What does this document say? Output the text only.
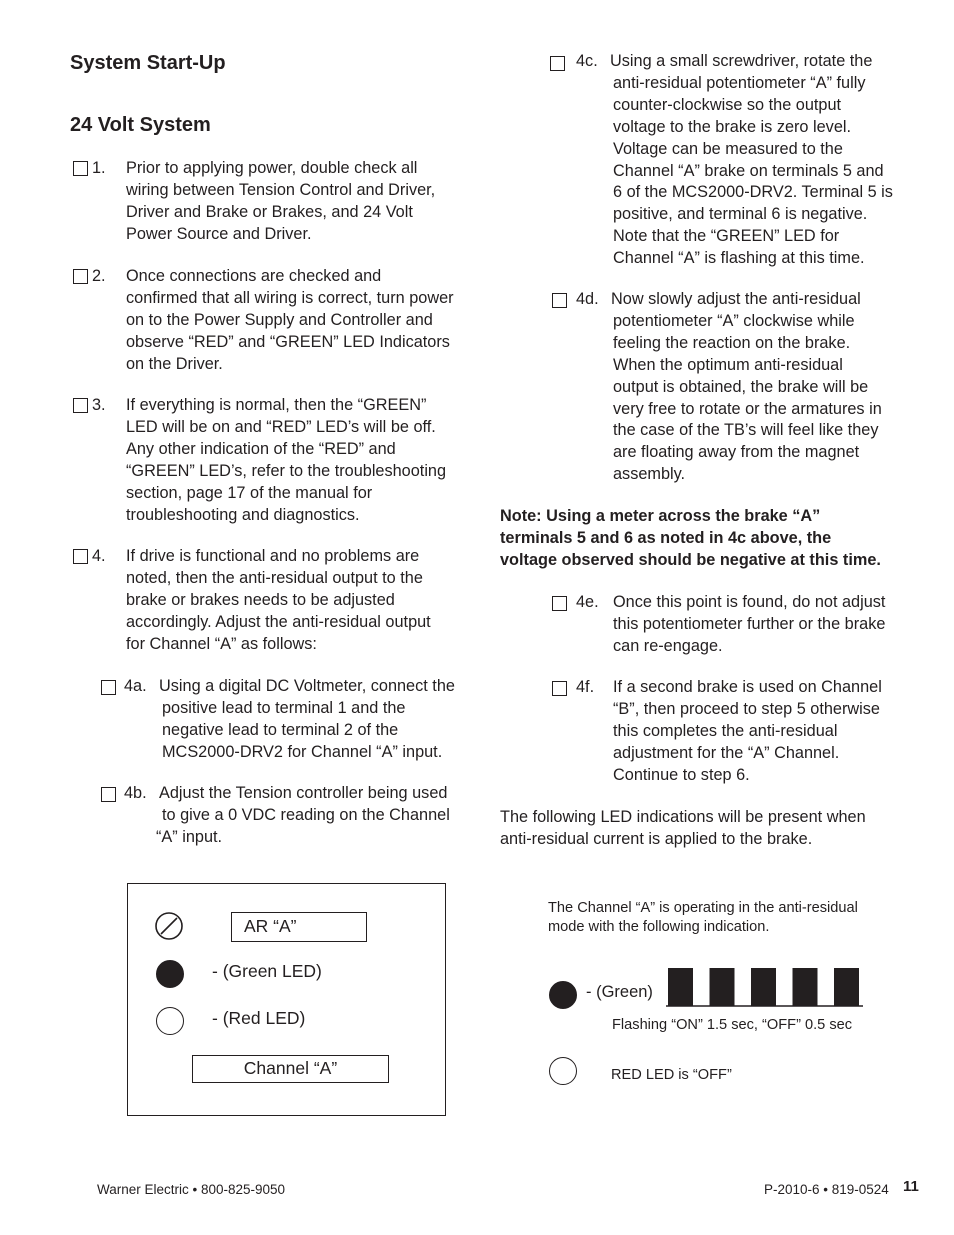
System Start-Up
24 Volt System
1. Prior to applying power, double check all
wiring between Tension Control and Driver,
Driver and Brake or Brakes, and 24 Volt
Power Source and Driver.
2. Once connections are checked and
confirmed that all wiring is correct, turn power
on to the Power Supply and Controller and
observe “RED” and “GREEN” LED Indicators
on the Driver.
3. If everything is normal, then the “GREEN”
LED will be on and “RED” LED’s will be off.
Any other indication of the “RED” and
“GREEN” LED’s, refer to the troubleshooting
section, page 17 of the manual for
troubleshooting and diagnostics.
4. If drive is functional and no problems are
noted, then the anti-residual output to the
brake or brakes needs to be adjusted
accordingly. Adjust the anti-residual output
for Channel “A” as follows:
4a. Using a digital DC Voltmeter, connect the
positive lead to terminal 1 and the
negative lead to terminal 2 of the
MCS2000-DRV2 for Channel “A” input.
4b. Adjust the Tension controller being used
to give a 0 VDC reading on the Channel
“A” input.
AR “A”
- (Green LED)
- (Red LED)
Channel “A”
4c. Using a small screwdriver, rotate the
anti-residual potentiometer “A” fully
counter-clockwise so the output
voltage to the brake is zero level.
Voltage can be measured to the
Channel “A” brake on terminals 5 and
6 of the MCS2000-DRV2. Terminal 5 is
positive, and terminal 6 is negative.
Note that the “GREEN” LED for
Channel “A” is flashing at this time.
4d. Now slowly adjust the anti-residual
potentiometer “A” clockwise while
feeling the reaction on the brake.
When the optimum anti-residual
output is obtained, the brake will be
very free to rotate or the armatures in
the case of the TB’s will feel like they
are floating away from the magnet
assembly.
Note: Using a meter across the brake “A”
terminals 5 and 6 as noted in 4c above, the
voltage observed should be negative at this time.
4e. Once this point is found, do not adjust
this potentiometer further or the brake
can re-engage.
4f. If a second brake is used on Channel
“B”, then proceed to step 5 otherwise
this completes the anti-residual
adjustment for the “A” Channel.
Continue to step 6.
The following LED indications will be present when
anti-residual current is applied to the brake.
The Channel “A” is operating in the anti-residual
mode with the following indication.
- (Green)
Flashing “ON” 1.5 sec, “OFF” 0.5 sec
RED LED is “OFF”
Warner Electric • 800-825-9050	P-2010-6 • 819-0524 11
